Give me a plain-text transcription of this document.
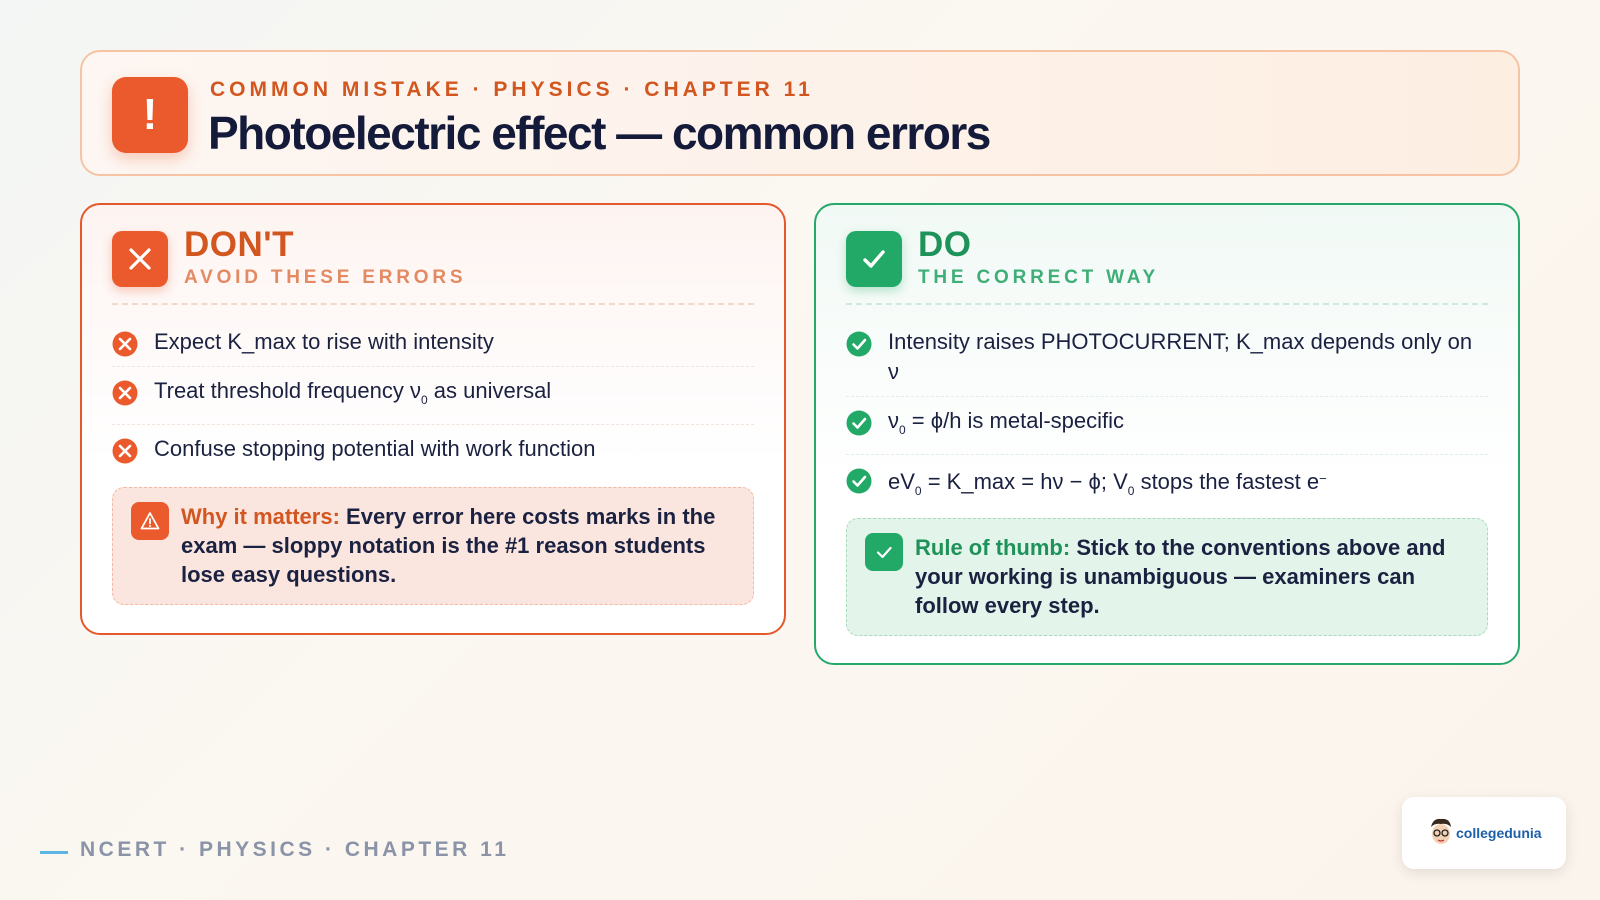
!
COMMON MISTAKE · PHYSICS · CHAPTER 11
Photoelectric effect — common errors
DON'T
AVOID THESE ERRORS
Expect K_max to rise with intensity
Treat threshold frequency $\nu_0$ as universal
Confuse stopping potential with work function
Why it matters: Every error here costs marks in the exam — sloppy notation is the #1 reason students lose easy questions.
DO
THE CORRECT WAY
Intensity raises PHOTOCURRENT; K_max depends only on ν
$\nu_0 = \phi/h$ is metal-specific
$eV_0$ = K_max = hν − ϕ; $V_0$ stops the fastest e−
Rule of thumb: Stick to the conventions above and your working is unambiguous — examiners can follow every step.
NCERT · PHYSICS · CHAPTER 11
collegedunia
